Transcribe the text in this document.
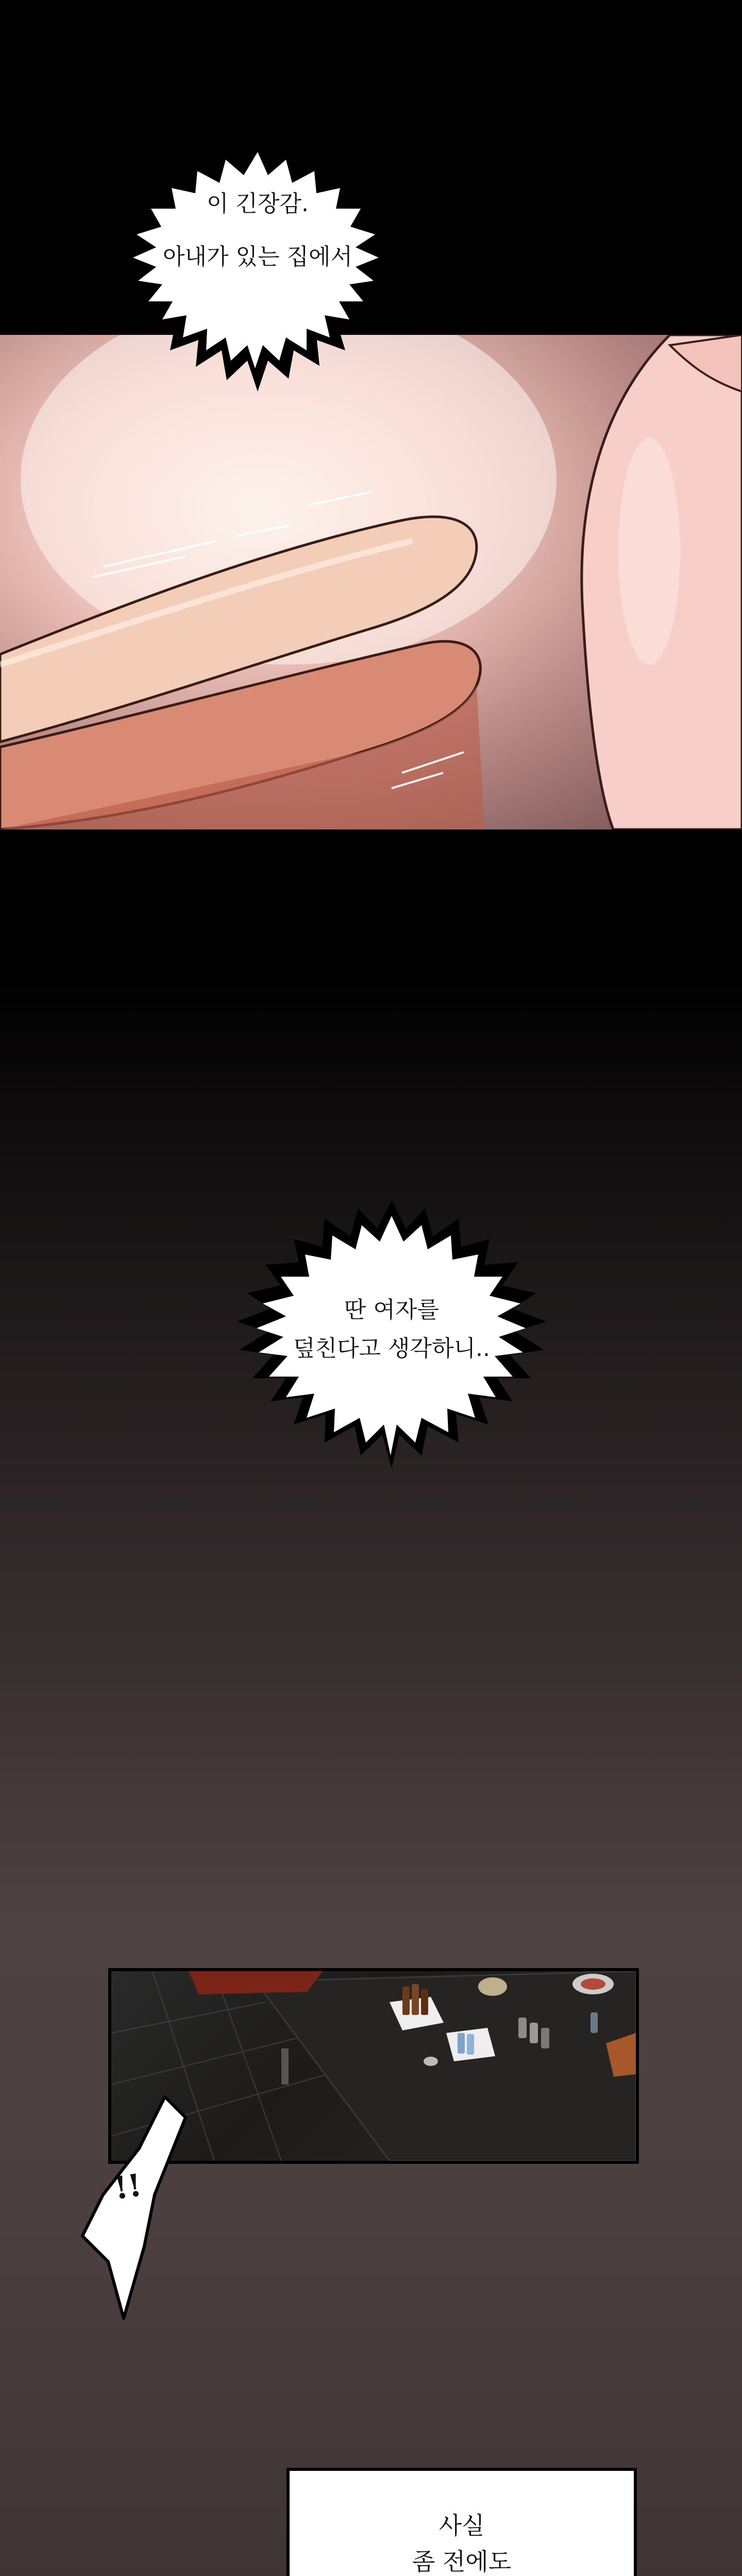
이 긴장감.
아내가 있는 집에서
딴 여자를
덮친다고 생각하니..
!!
사실
좀 전에도
